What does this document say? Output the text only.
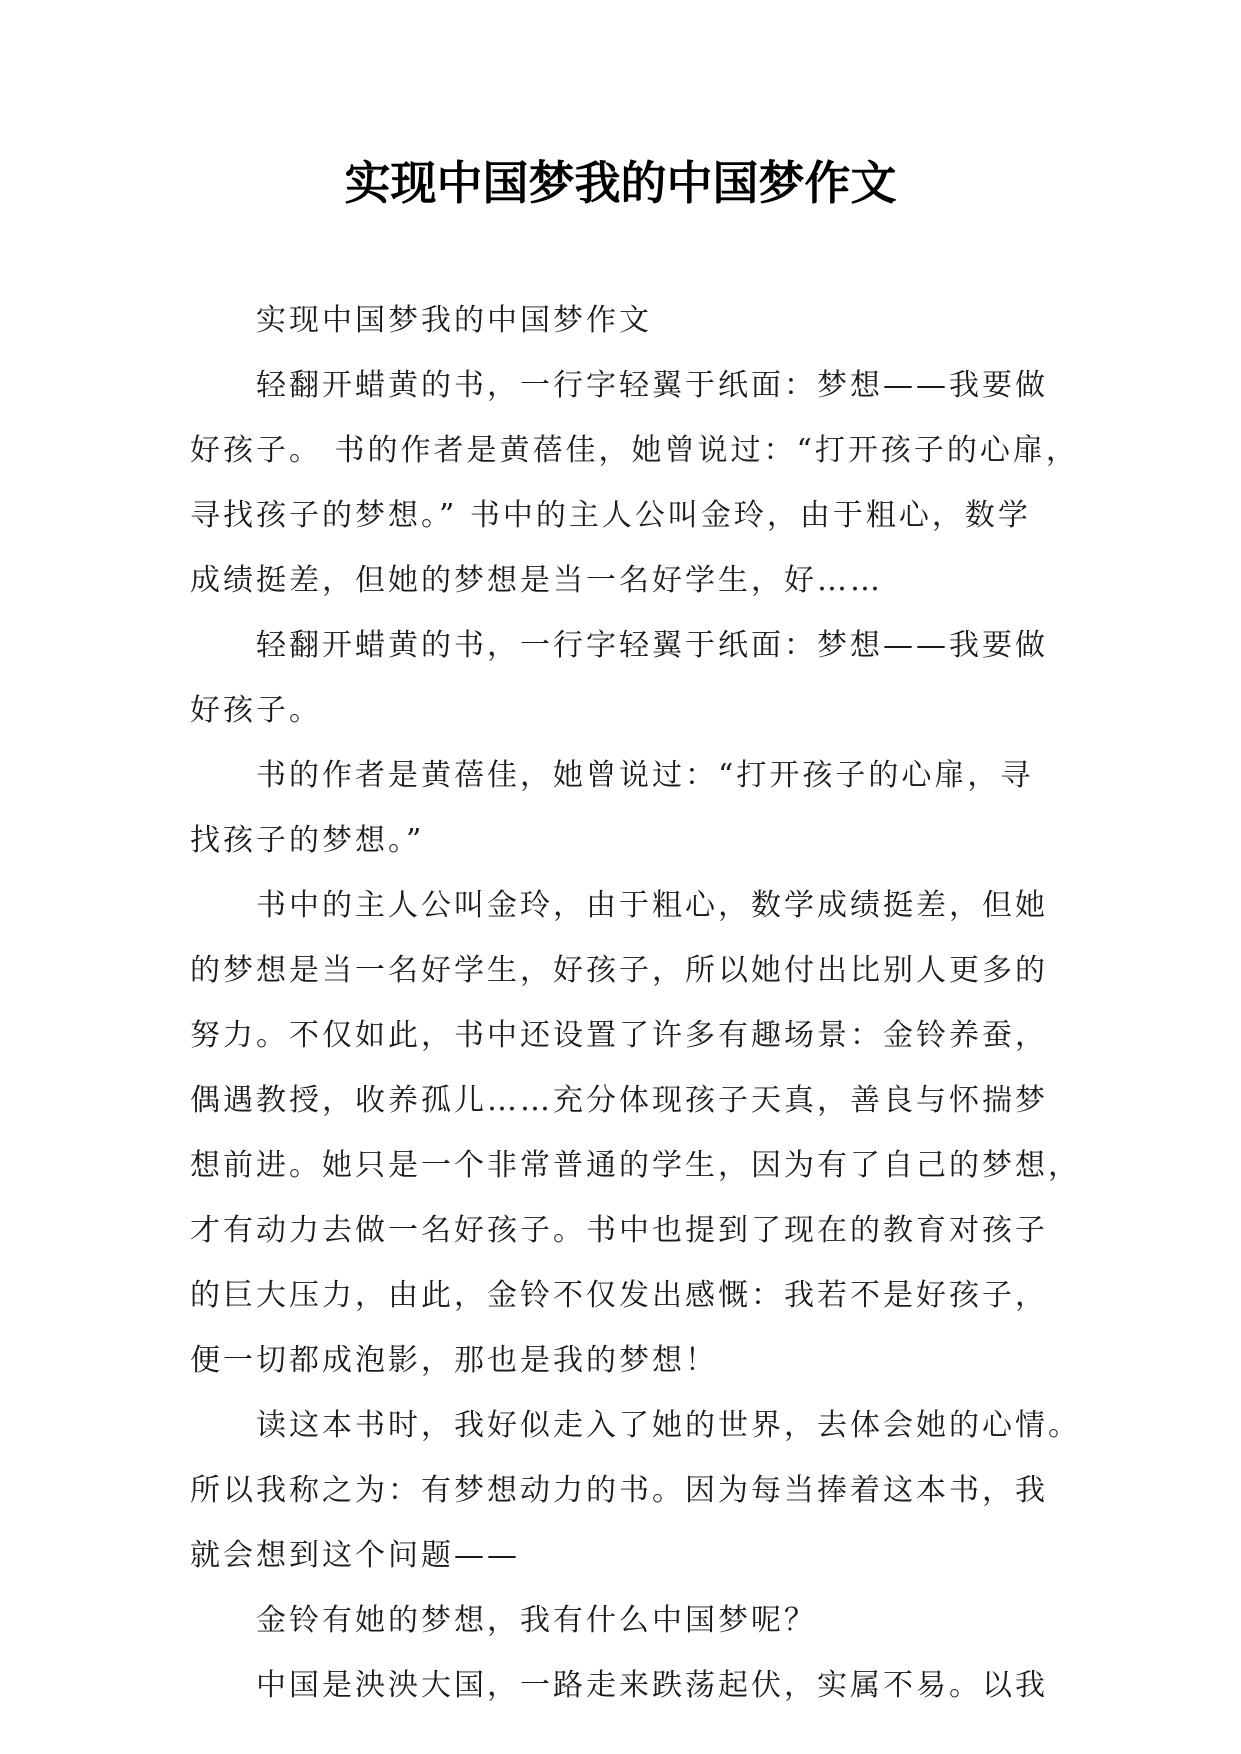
实现中国梦我的中国梦作文
实现中国梦我的中国梦作文
轻翻开蜡黄的书，一行字轻翼于纸面：梦想——我要做
好孩子。 书的作者是黄蓓佳，她曾说过：“打开孩子的心扉，
寻找孩子的梦想。” 书中的主人公叫金玲，由于粗心，数学
成绩挺差，但她的梦想是当一名好学生，好……
轻翻开蜡黄的书，一行字轻翼于纸面：梦想——我要做
好孩子。
书的作者是黄蓓佳，她曾说过：“打开孩子的心扉，寻
找孩子的梦想。”
书中的主人公叫金玲，由于粗心，数学成绩挺差，但她
的梦想是当一名好学生，好孩子，所以她付出比别人更多的
努力。不仅如此，书中还设置了许多有趣场景：金铃养蚕，
偶遇教授，收养孤儿……充分体现孩子天真，善良与怀揣梦
想前进。她只是一个非常普通的学生，因为有了自己的梦想，
才有动力去做一名好孩子。书中也提到了现在的教育对孩子
的巨大压力，由此，金铃不仅发出感慨：我若不是好孩子，
便一切都成泡影，那也是我的梦想！
读这本书时，我好似走入了她的世界，去体会她的心情。
所以我称之为：有梦想动力的书。因为每当捧着这本书，我
就会想到这个问题——
金铃有她的梦想，我有什么中国梦呢？
中国是泱泱大国，一路走来跌荡起伏，实属不易。以我
